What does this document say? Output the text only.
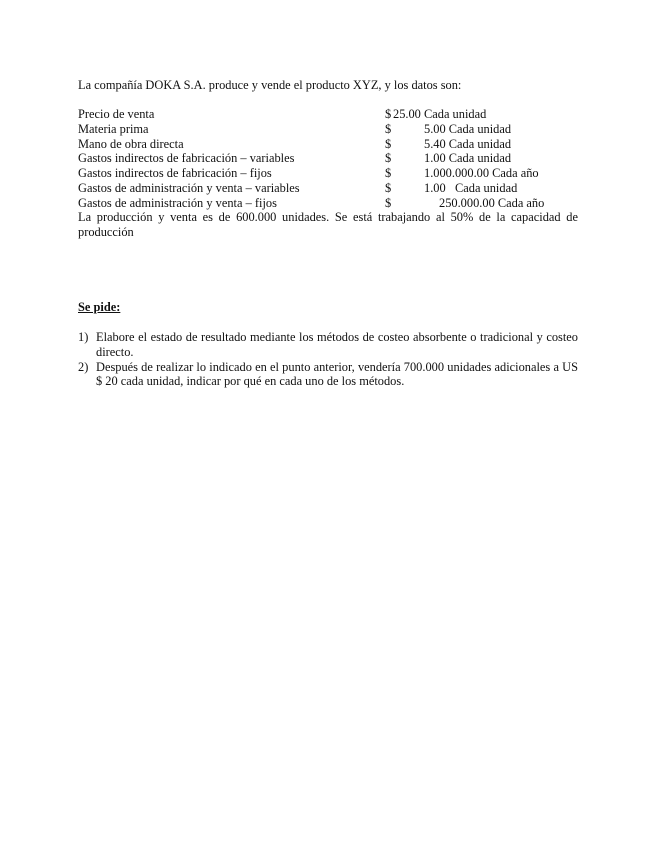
La compañía DOKA S.A. produce y vende el producto XYZ, y los datos son:
Precio de venta	$ 25.00 Cada unidad
Materia prima	$	5.00 Cada unidad
Mano de obra directa	$	5.40 Cada unidad
Gastos indirectos de fabricación – variables	$	1.00 Cada unidad
Gastos indirectos de fabricación – fijos	$	1.000.000.00 Cada año
Gastos de administración y venta – variables	$	1.00 Cada unidad
Gastos de administración y venta – fijos	$	250.000.00 Cada año
La producción y venta es de 600.000 unidades. Se está trabajando al 50% de la capacidad de producción
Se pide:
1) Elabore el estado de resultado mediante los métodos de costeo absorbente o tradicional y costeo directo.
2) Después de realizar lo indicado en el punto anterior, vendería 700.000 unidades adicionales a US $ 20 cada unidad, indicar por qué en cada uno de los métodos.
